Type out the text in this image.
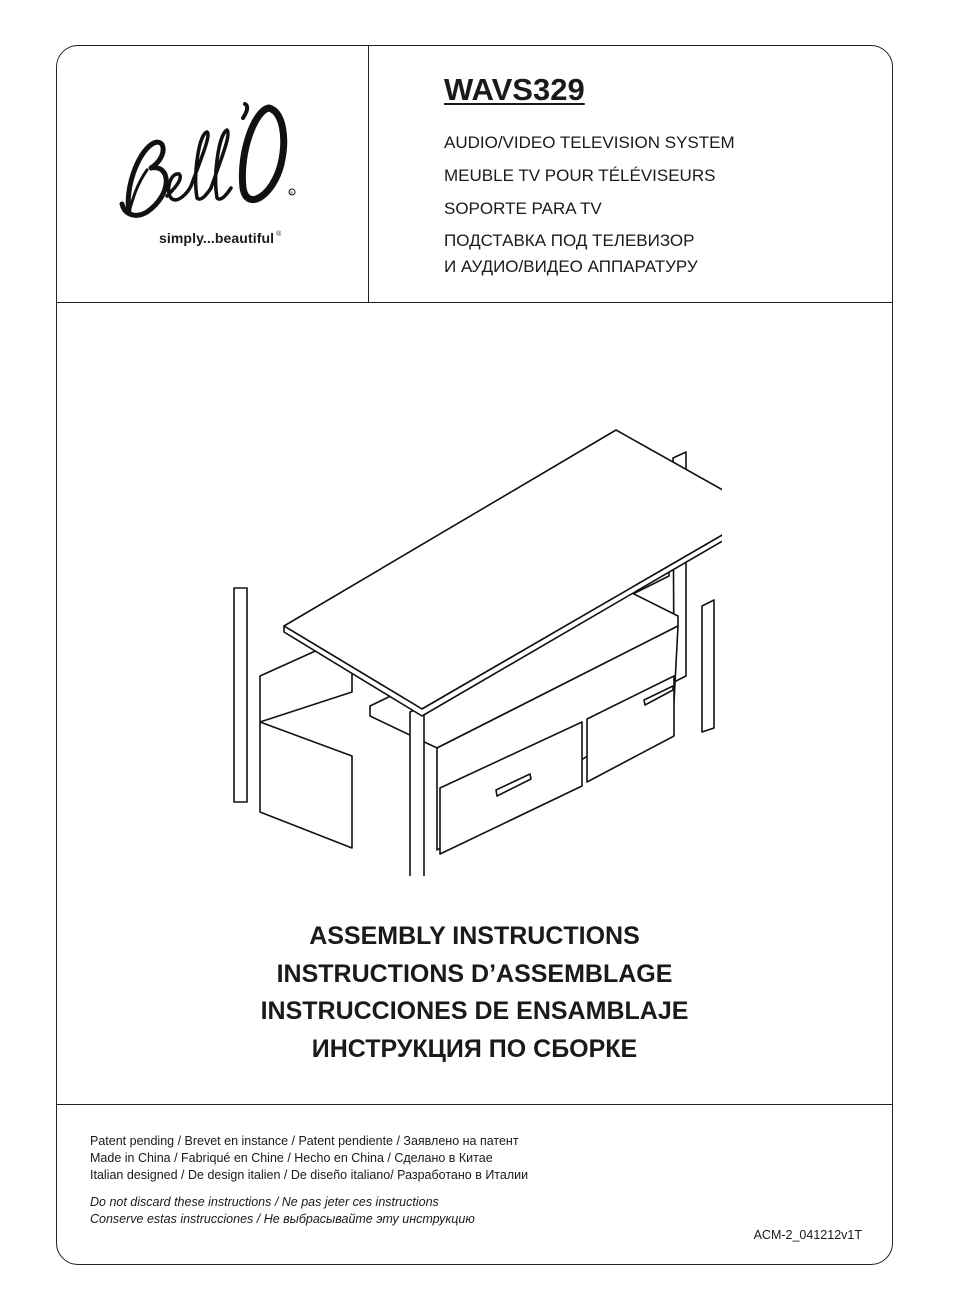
®
simply...beautiful ®
WAVS329
AUDIO/VIDEO TELEVISION SYSTEM
MEUBLE TV POUR TÉLÉVISEURS
SOPORTE PARA TV
ПОДСТАВКА ПОД ТЕЛЕВИЗОР
И АУДИО/ВИДЕО АППАРАТУРУ
ASSEMBLY INSTRUCTIONS
INSTRUCTIONS D’ASSEMBLAGE
INSTRUCCIONES DE ENSAMBLAJE
ИНСТРУКЦИЯ ПО СБОРКЕ
Patent pending / Brevet en instance / Patent pendiente / Заявлено на патент
Made in China / Fabriqué en Chine / Hecho en China / Сделано в Китае
Italian designed / De design italien / De diseño italiano/ Разработано в Италии
Do not discard these instructions / Ne pas jeter ces instructions
Conserve estas instrucciones / Не выбрасывайте эту инструкцию
ACM-2_041212v1T
